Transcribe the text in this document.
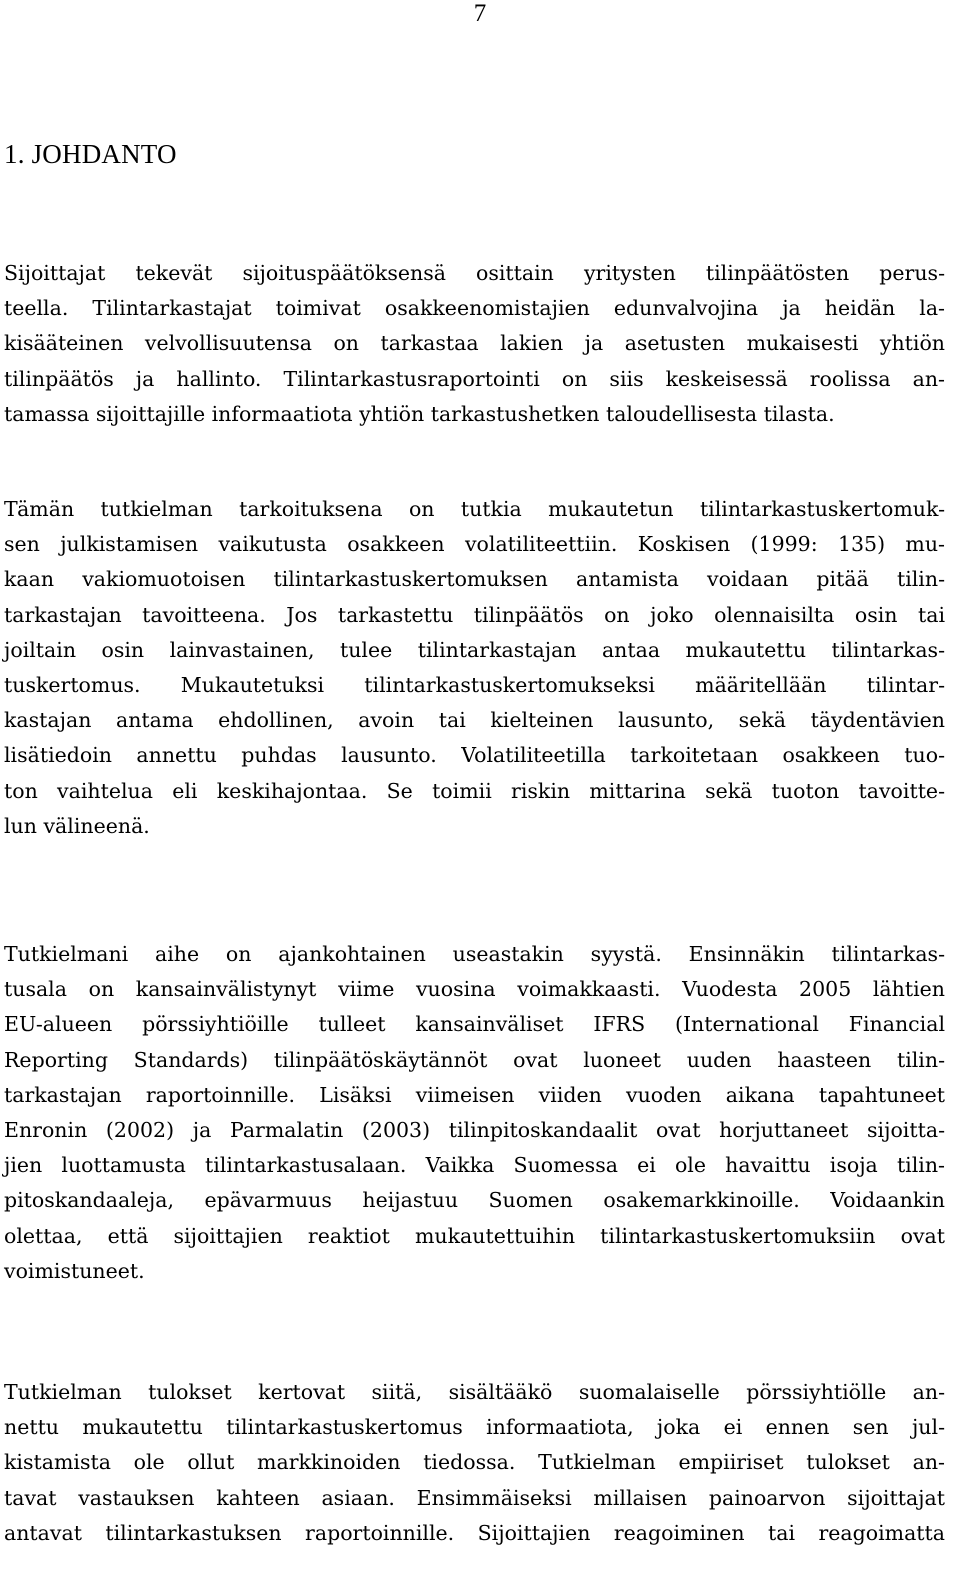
7

1. JOHDANTO
Sijoittajat tekevät sijoituspäätöksensä osittain yritysten tilinpäätösten perus-
teella. Tilintarkastajat toimivat osakkeenomistajien edunvalvojina ja heidän la-
kisääteinen velvollisuutensa on tarkastaa lakien ja asetusten mukaisesti yhtiön
tilinpäätös ja hallinto. Tilintarkastusraportointi on siis keskeisessä roolissa an-
tamassa sijoittajille informaatiota yhtiön tarkastushetken taloudellisesta tilasta.
Tämän tutkielman tarkoituksena on tutkia mukautetun tilintarkastuskertomuk-
sen julkistamisen vaikutusta osakkeen volatiliteettiin. Koskisen (1999: 135) mu-
kaan vakiomuotoisen tilintarkastuskertomuksen antamista voidaan pitää tilin-
tarkastajan tavoitteena. Jos tarkastettu tilinpäätös on joko olennaisilta osin tai
joiltain osin lainvastainen, tulee tilintarkastajan antaa mukautettu tilintarkas-
tuskertomus. Mukautetuksi tilintarkastuskertomukseksi määritellään tilintar-
kastajan antama ehdollinen, avoin tai kielteinen lausunto, sekä täydentävien
lisätiedoin annettu puhdas lausunto. Volatiliteetilla tarkoitetaan osakkeen tuo-
ton vaihtelua eli keskihajontaa. Se toimii riskin mittarina sekä tuoton tavoitte-
lun välineenä.
Tutkielmani aihe on ajankohtainen useastakin syystä. Ensinnäkin tilintarkas-
tusala on kansainvälistynyt viime vuosina voimakkaasti. Vuodesta 2005 lähtien
EU-alueen pörssiyhtiöille tulleet kansainväliset IFRS (International Financial
Reporting Standards) tilinpäätöskäytännöt ovat luoneet uuden haasteen tilin-
tarkastajan raportoinnille. Lisäksi viimeisen viiden vuoden aikana tapahtuneet
Enronin (2002) ja Parmalatin (2003) tilinpitoskandaalit ovat horjuttaneet sijoitta-
jien luottamusta tilintarkastusalaan. Vaikka Suomessa ei ole havaittu isoja tilin-
pitoskandaaleja, epävarmuus heijastuu Suomen osakemarkkinoille. Voidaankin
olettaa, että sijoittajien reaktiot mukautettuihin tilintarkastuskertomuksiin ovat
voimistuneet.
Tutkielman tulokset kertovat siitä, sisältääkö suomalaiselle pörssiyhtiölle an-
nettu mukautettu tilintarkastuskertomus informaatiota, joka ei ennen sen jul-
kistamista ole ollut markkinoiden tiedossa. Tutkielman empiiriset tulokset an-
tavat vastauksen kahteen asiaan. Ensimmäiseksi millaisen painoarvon sijoittajat
antavat tilintarkastuksen raportoinnille. Sijoittajien reagoiminen tai reagoimatta
